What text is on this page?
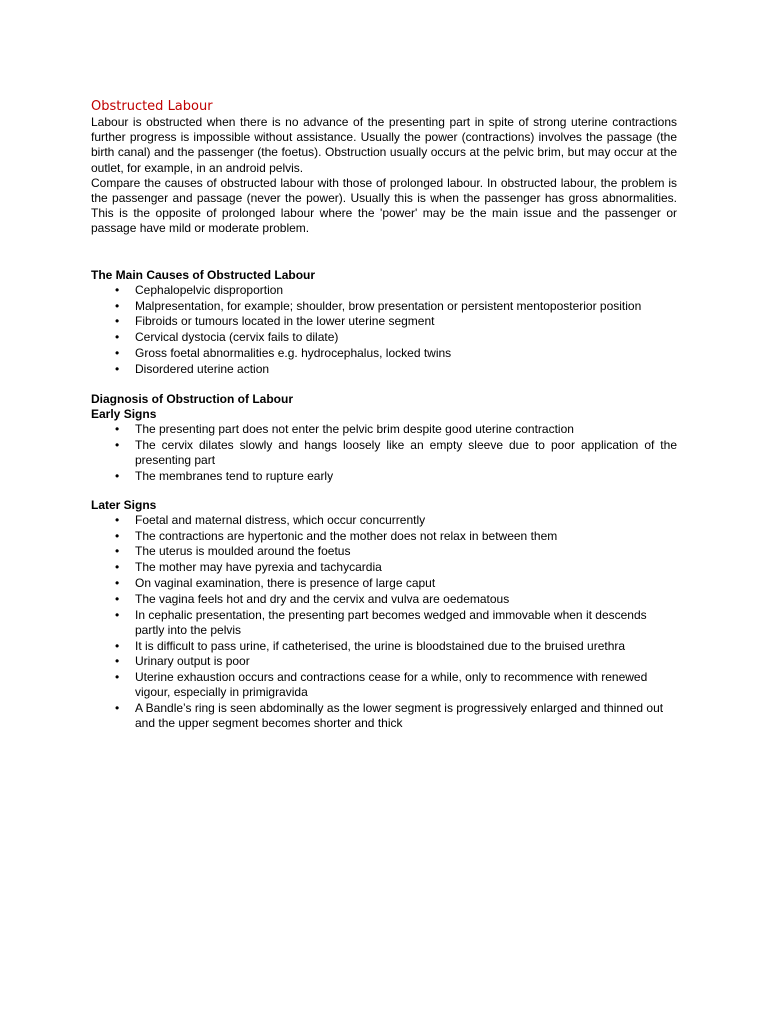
Obstructed Labour

Labour is obstructed when there is no advance of the presenting part in spite of strong uterine contractions further progress is impossible without assistance. Usually the power (contractions) involves the passage (the birth canal) and the passenger (the foetus). Obstruction usually occurs at the pelvic brim, but may occur at the outlet, for example, in an android pelvis.

Compare the causes of obstructed labour with those of prolonged labour. In obstructed labour, the problem is the passenger and passage (never the power). Usually this is when the passenger has gross abnormalities. This is the opposite of prolonged labour where the 'power' may be the main issue and the passenger or passage have mild or moderate problem.

The Main Causes of Obstructed Labour
• Cephalopelvic disproportion
• Malpresentation, for example; shoulder, brow presentation or persistent mentoposterior position
• Fibroids or tumours located in the lower uterine segment
• Cervical dystocia (cervix fails to dilate)
• Gross foetal abnormalities e.g. hydrocephalus, locked twins
• Disordered uterine action
Diagnosis of Obstruction of Labour
Early Signs
• The presenting part does not enter the pelvic brim despite good uterine contraction
• The cervix dilates slowly and hangs loosely like an empty sleeve due to poor application of the presenting part
• The membranes tend to rupture early
Later Signs
• Foetal and maternal distress, which occur concurrently
• The contractions are hypertonic and the mother does not relax in between them
• The uterus is moulded around the foetus
• The mother may have pyrexia and tachycardia
• On vaginal examination, there is presence of large caput
• The vagina feels hot and dry and the cervix and vulva are oedematous
• In cephalic presentation, the presenting part becomes wedged and immovable when it descends partly into the pelvis
• It is difficult to pass urine, if catheterised, the urine is bloodstained due to the bruised urethra
• Urinary output is poor
• Uterine exhaustion occurs and contractions cease for a while, only to recommence with renewed vigour, especially in primigravida
• A Bandle’s ring is seen abdominally as the lower segment is progressively enlarged and thinned out and the upper segment becomes shorter and thick
